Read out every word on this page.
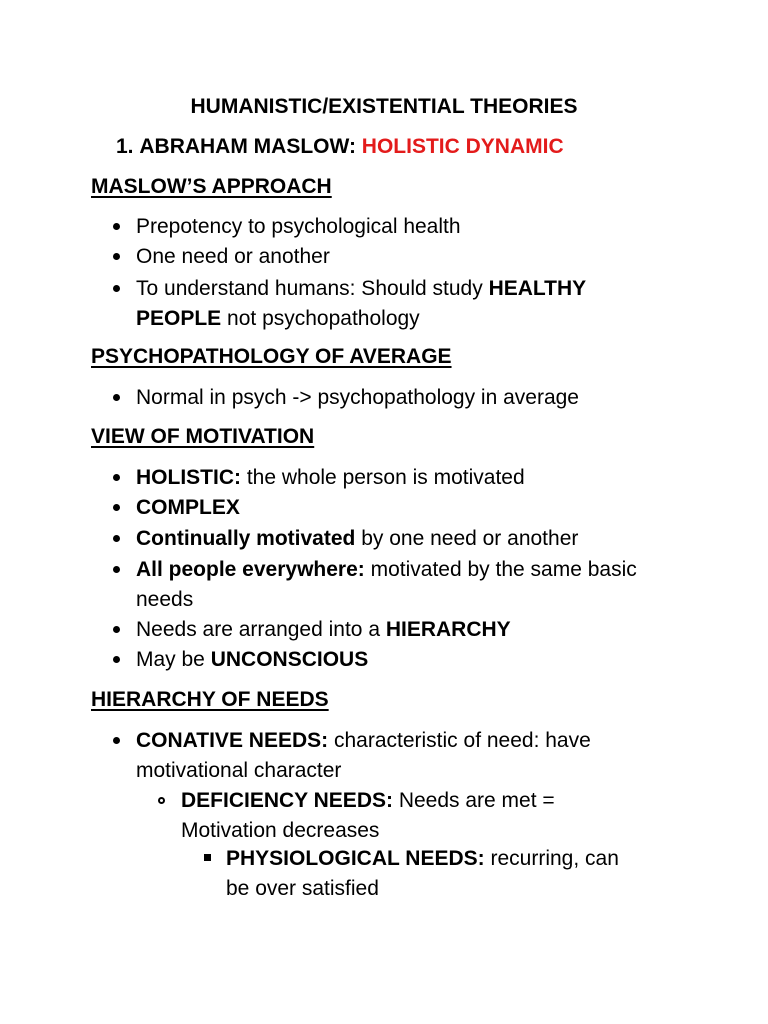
HUMANISTIC/EXISTENTIAL THEORIES
1. ABRAHAM MASLOW: HOLISTIC DYNAMIC
MASLOW’S APPROACH
Prepotency to psychological health
One need or another
To understand humans: Should study HEALTHY
PEOPLE not psychopathology
PSYCHOPATHOLOGY OF AVERAGE
Normal in psych -> psychopathology in average
VIEW OF MOTIVATION
HOLISTIC: the whole person is motivated
COMPLEX
Continually motivated by one need or another
All people everywhere: motivated by the same basic
needs
Needs are arranged into a HIERARCHY
May be UNCONSCIOUS
HIERARCHY OF NEEDS
CONATIVE NEEDS: characteristic of need: have
motivational character
DEFICIENCY NEEDS: Needs are met =
Motivation decreases
PHYSIOLOGICAL NEEDS: recurring, can
be over satisfied
